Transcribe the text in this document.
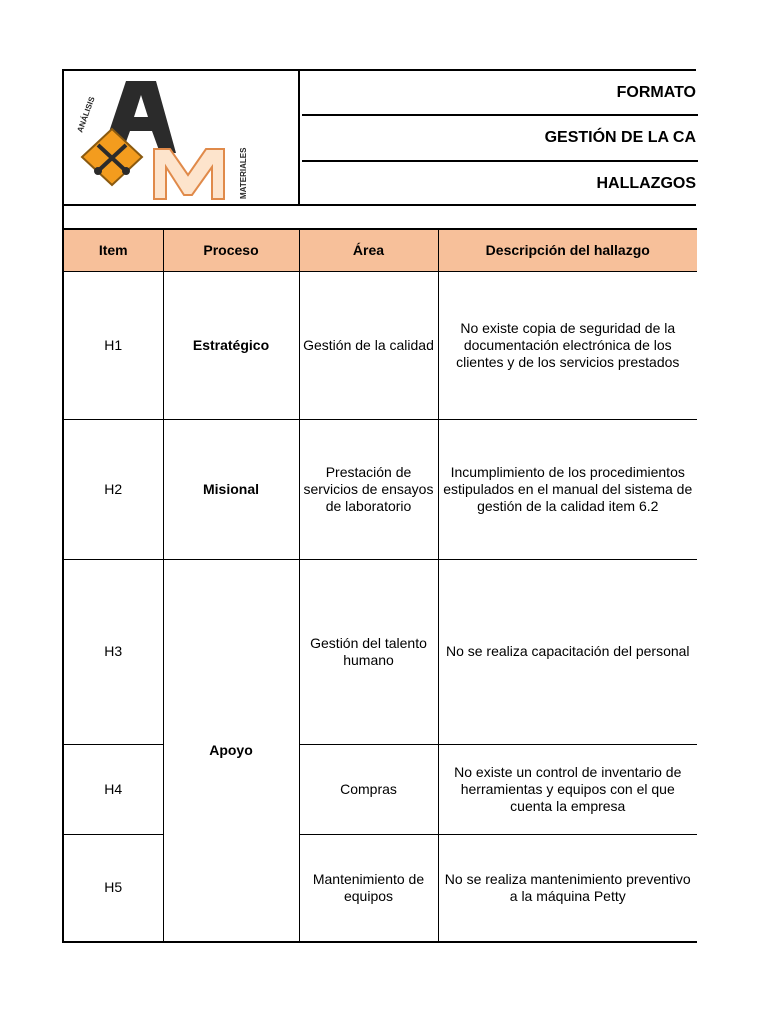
ANÁLISIS
MATERIALES
FORMATO
GESTIÓN DE LA CA
HALLAZGOS
Item	Proceso	Área	Descripción del hallazgo
H1	Estratégico	Gestión de la calidad	No existe copia de seguridad de la documentación electrónica de los clientes y de los servicios prestados
H2	Misional	Prestación de servicios de ensayos de laboratorio	Incumplimiento de los procedimientos estipulados en el manual del sistema de gestión de la calidad item 6.2
H3	Apoyo	Gestión del talento humano	No se realiza capacitación del personal
H4		Compras	No existe un control de inventario de herramientas y equipos con el que cuenta la empresa
H5		Mantenimiento de equipos	No se realiza mantenimiento preventivo a la máquina Petty
